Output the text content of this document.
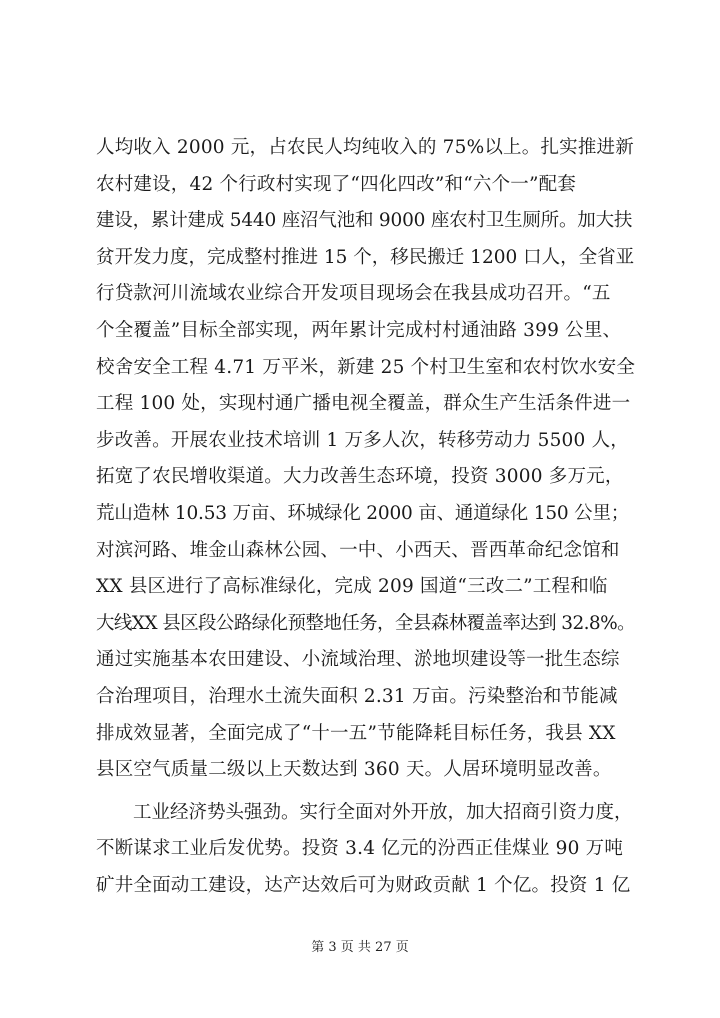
人均收入 2000 元，占农民人均纯收入的 75%以上。扎实推进新
农村建设，42 个行政村实现了“四化四改”和“六个一”配套
建设，累计建成 5440 座沼气池和 9000 座农村卫生厕所。加大扶
贫开发力度，完成整村推进 15 个，移民搬迁 1200 口人，全省亚
行贷款河川流域农业综合开发项目现场会在我县成功召开。“五
个全覆盖”目标全部实现，两年累计完成村村通油路 399 公里、
校舍安全工程 4.71 万平米，新建 25 个村卫生室和农村饮水安全
工程 100 处，实现村通广播电视全覆盖，群众生产生活条件进一
步改善。开展农业技术培训 1 万多人次，转移劳动力 5500 人，
拓宽了农民增收渠道。大力改善生态环境，投资 3000 多万元，
荒山造林 10.53 万亩、环城绿化 2000 亩、通道绿化 150 公里；
对滨河路、堆金山森林公园、一中、小西天、晋西革命纪念馆和
XX 县区进行了高标准绿化，完成 209 国道“三改二”工程和临
大线XX 县区段公路绿化预整地任务，全县森林覆盖率达到 32.8%。
通过实施基本农田建设、小流域治理、淤地坝建设等一批生态综
合治理项目，治理水土流失面积 2.31 万亩。污染整治和节能减
排成效显著，全面完成了“十一五”节能降耗目标任务，我县 XX
县区空气质量二级以上天数达到 360 天。人居环境明显改善。
工业经济势头强劲。实行全面对外开放，加大招商引资力度，
不断谋求工业后发优势。投资 3.4 亿元的汾西正佳煤业 90 万吨
矿井全面动工建设，达产达效后可为财政贡献 1 个亿。投资 1 亿
第 3 页 共 27 页
